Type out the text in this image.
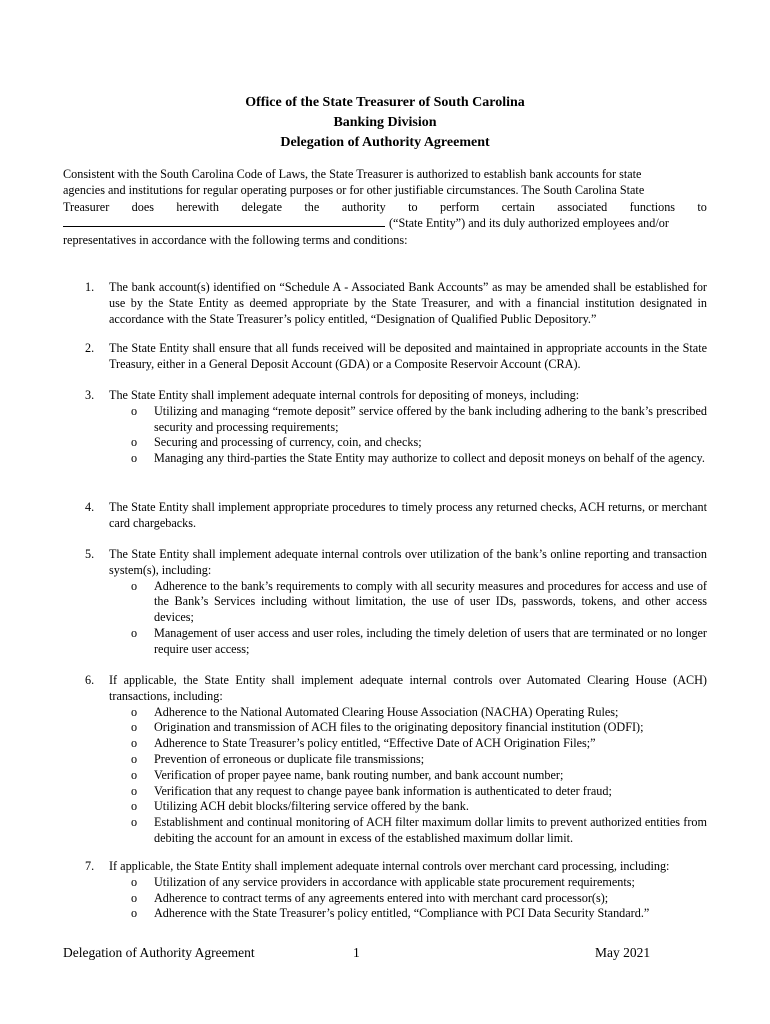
Office of the State Treasurer of South Carolina
Banking Division
Delegation of Authority Agreement
Consistent with the South Carolina Code of Laws, the State Treasurer is authorized to establish bank accounts for state
agencies and institutions for regular operating purposes or for other justifiable circumstances. The South Carolina State
Treasurer does herewith delegate the authority to perform certain associated functions to
(“State Entity”) and its duly authorized employees and/or
representatives in accordance with the following terms and conditions:
1. The bank account(s) identified on “Schedule A - Associated Bank Accounts” as may be amended shall be established for use by the State Entity as deemed appropriate by the State Treasurer, and with a financial institution designated in accordance with the State Treasurer’s policy entitled, “Designation of Qualified Public Depository.”
2. The State Entity shall ensure that all funds received will be deposited and maintained in appropriate accounts in the State Treasury, either in a General Deposit Account (GDA) or a Composite Reservoir Account (CRA).
3. The State Entity shall implement adequate internal controls for depositing of moneys, including:
o Utilizing and managing “remote deposit” service offered by the bank including adhering to the bank’s prescribed security and processing requirements;
o Securing and processing of currency, coin, and checks;
o Managing any third-parties the State Entity may authorize to collect and deposit moneys on behalf of the agency.
4. The State Entity shall implement appropriate procedures to timely process any returned checks, ACH returns, or merchant card chargebacks.
5. The State Entity shall implement adequate internal controls over utilization of the bank’s online reporting and transaction system(s), including:
o Adherence to the bank’s requirements to comply with all security measures and procedures for access and use of the Bank’s Services including without limitation, the use of user IDs, passwords, tokens, and other access devices;
o Management of user access and user roles, including the timely deletion of users that are terminated or no longer require user access;
6. If applicable, the State Entity shall implement adequate internal controls over Automated Clearing House (ACH) transactions, including:
o Adherence to the National Automated Clearing House Association (NACHA) Operating Rules;
o Origination and transmission of ACH files to the originating depository financial institution (ODFI);
o Adherence to State Treasurer’s policy entitled, “Effective Date of ACH Origination Files;”
o Prevention of erroneous or duplicate file transmissions;
o Verification of proper payee name, bank routing number, and bank account number;
o Verification that any request to change payee bank information is authenticated to deter fraud;
o Utilizing ACH debit blocks/filtering service offered by the bank.
o Establishment and continual monitoring of ACH filter maximum dollar limits to prevent authorized entities from debiting the account for an amount in excess of the established maximum dollar limit.
7. If applicable, the State Entity shall implement adequate internal controls over merchant card processing, including:
o Utilization of any service providers in accordance with applicable state procurement requirements;
o Adherence to contract terms of any agreements entered into with merchant card processor(s);
o Adherence with the State Treasurer’s policy entitled, “Compliance with PCI Data Security Standard.”
Delegation of Authority Agreement	1	May 2021
